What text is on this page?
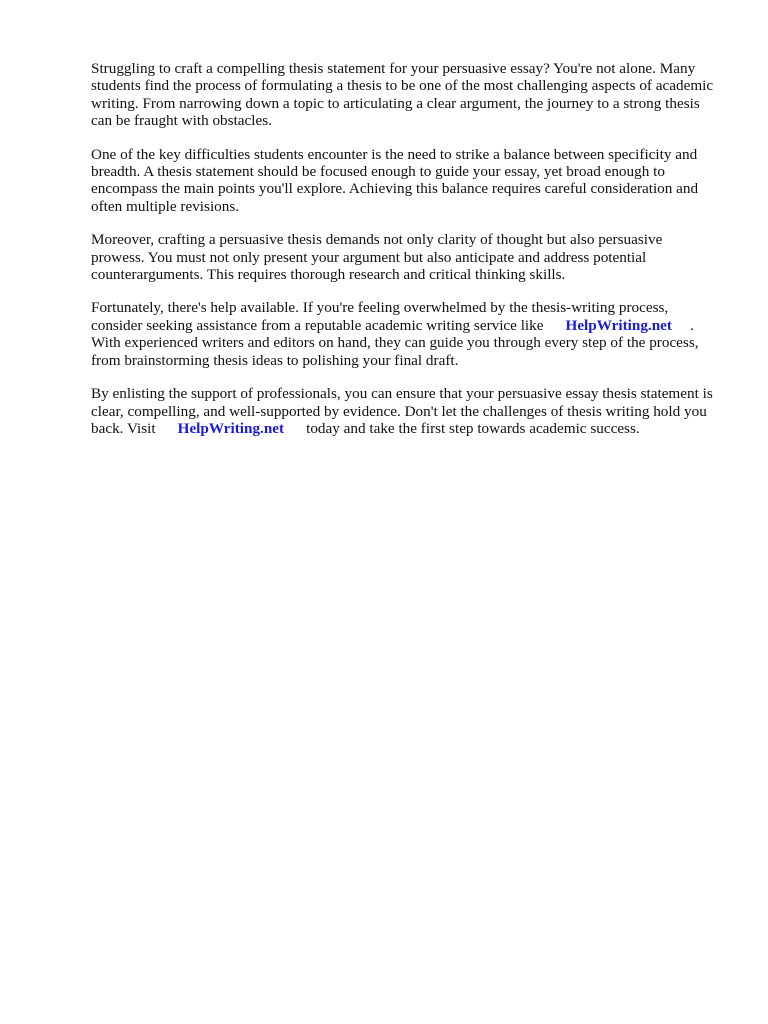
Struggling to craft a compelling thesis statement for your persuasive essay? You're not alone. Many students find the process of formulating a thesis to be one of the most challenging aspects of academic writing. From narrowing down a topic to articulating a clear argument, the journey to a strong thesis can be fraught with obstacles.

One of the key difficulties students encounter is the need to strike a balance between specificity and breadth. A thesis statement should be focused enough to guide your essay, yet broad enough to encompass the main points you'll explore. Achieving this balance requires careful consideration and often multiple revisions.

Moreover, crafting a persuasive thesis demands not only clarity of thought but also persuasive prowess. You must not only present your argument but also anticipate and address potential counterarguments. This requires thorough research and critical thinking skills.

Fortunately, there's help available. If you're feeling overwhelmed by the thesis-writing process, consider seeking assistance from a reputable academic writing service like HelpWriting.net . With experienced writers and editors on hand, they can guide you through every step of the process, from brainstorming thesis ideas to polishing your final draft.

By enlisting the support of professionals, you can ensure that your persuasive essay thesis statement is clear, compelling, and well-supported by evidence. Don't let the challenges of thesis writing hold you back. Visit HelpWriting.net today and take the first step towards academic success.
